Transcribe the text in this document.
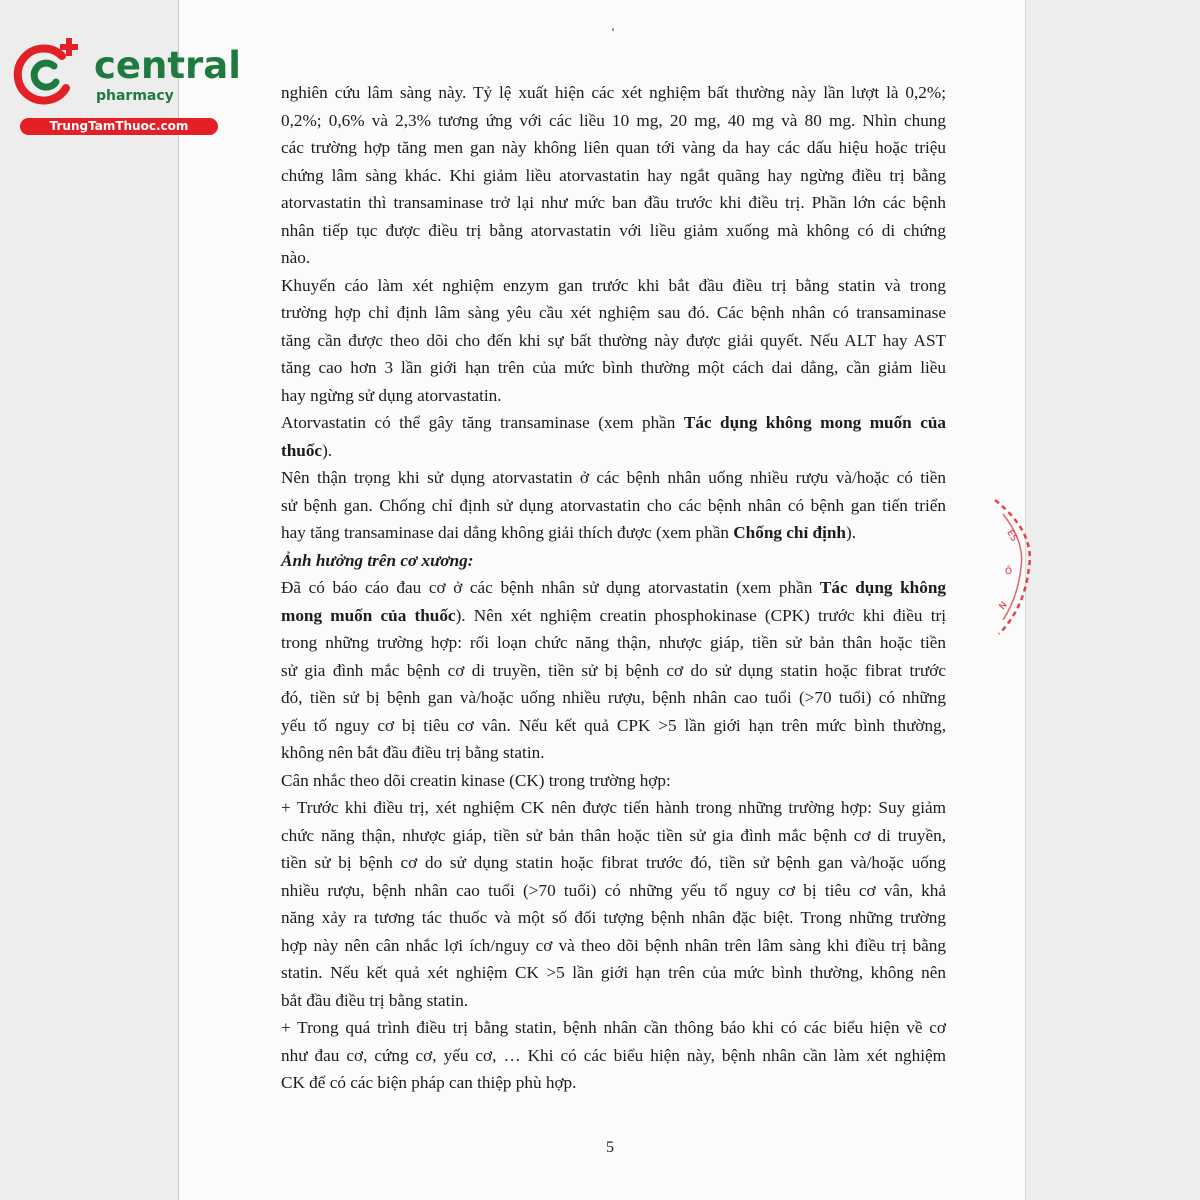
central
pharmacy
TrungTamThuoc.com
ES
Ô
N

nghiên cứu lâm sàng này. Tỷ lệ xuất hiện các xét nghiệm bất thường này lần lượt là 0,2%;

0,2%; 0,6% và 2,3% tương ứng với các liều 10 mg, 20 mg, 40 mg và 80 mg. Nhìn chung

các trường hợp tăng men gan này không liên quan tới vàng da hay các dấu hiệu hoặc triệu

chứng lâm sàng khác. Khi giảm liều atorvastatin hay ngắt quãng hay ngừng điều trị bằng

atorvastatin thì transaminase trở lại như mức ban đầu trước khi điều trị. Phần lớn các bệnh

nhân tiếp tục được điều trị bằng atorvastatin với liều giảm xuống mà không có di chứng

nào.

Khuyến cáo làm xét nghiệm enzym gan trước khi bắt đầu điều trị bằng statin và trong

trường hợp chỉ định lâm sàng yêu cầu xét nghiệm sau đó. Các bệnh nhân có transaminase

tăng cần được theo dõi cho đến khi sự bất thường này được giải quyết. Nếu ALT hay AST

tăng cao hơn 3 lần giới hạn trên của mức bình thường một cách dai dẳng, cần giảm liều

hay ngừng sử dụng atorvastatin.

Atorvastatin có thể gây tăng transaminase (xem phần Tác dụng không mong muốn của

thuốc).

Nên thận trọng khi sử dụng atorvastatin ở các bệnh nhân uống nhiều rượu và/hoặc có tiền

sử bệnh gan. Chống chỉ định sử dụng atorvastatin cho các bệnh nhân có bệnh gan tiến triển

hay tăng transaminase dai dẳng không giải thích được (xem phần Chống chỉ định).

Ảnh hưởng trên cơ xương:

Đã có báo cáo đau cơ ở các bệnh nhân sử dụng atorvastatin (xem phần Tác dụng không

mong muốn của thuốc). Nên xét nghiệm creatin phosphokinase (CPK) trước khi điều trị

trong những trường hợp: rối loạn chức năng thận, nhược giáp, tiền sử bản thân hoặc tiền

sử gia đình mắc bệnh cơ di truyền, tiền sử bị bệnh cơ do sử dụng statin hoặc fibrat trước

đó, tiền sử bị bệnh gan và/hoặc uống nhiều rượu, bệnh nhân cao tuổi (>70 tuổi) có những

yếu tố nguy cơ bị tiêu cơ vân. Nếu kết quả CPK >5 lần giới hạn trên mức bình thường,

không nên bắt đầu điều trị bằng statin.

Cân nhắc theo dõi creatin kinase (CK) trong trường hợp:

+ Trước khi điều trị, xét nghiệm CK nên được tiến hành trong những trường hợp: Suy giảm

chức năng thận, nhược giáp, tiền sử bản thân hoặc tiền sử gia đình mắc bệnh cơ di truyền,

tiền sử bị bệnh cơ do sử dụng statin hoặc fibrat trước đó, tiền sử bệnh gan và/hoặc uống

nhiều rượu, bệnh nhân cao tuổi (>70 tuổi) có những yếu tố nguy cơ bị tiêu cơ vân, khả

năng xảy ra tương tác thuốc và một số đối tượng bệnh nhân đặc biệt. Trong những trường

hợp này nên cân nhắc lợi ích/nguy cơ và theo dõi bệnh nhân trên lâm sàng khi điều trị bằng

statin. Nếu kết quả xét nghiệm CK >5 lần giới hạn trên của mức bình thường, không nên

bắt đầu điều trị bằng statin.

+ Trong quá trình điều trị bằng statin, bệnh nhân cần thông báo khi có các biểu hiện về cơ

như đau cơ, cứng cơ, yếu cơ, … Khi có các biểu hiện này, bệnh nhân cần làm xét nghiệm

CK để có các biện pháp can thiệp phù hợp.

5
